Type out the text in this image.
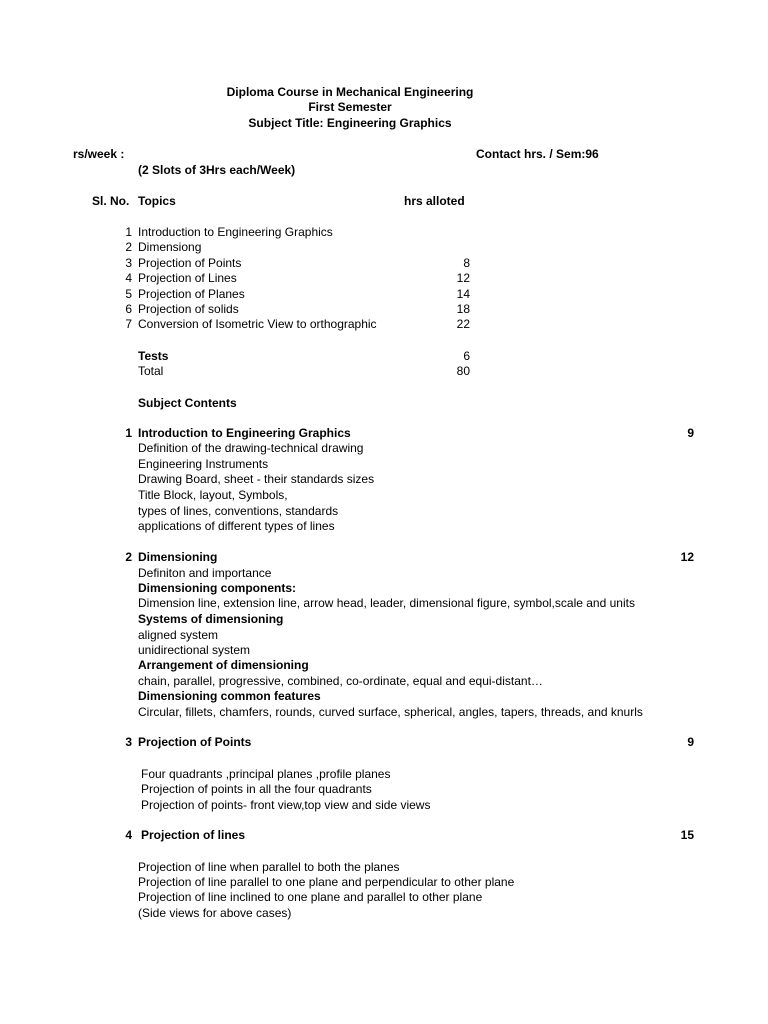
Diploma Course in Mechanical Engineering
First Semester
Subject Title: Engineering Graphics
rs/week :	Contact hrs. / Sem:96
(2 Slots of 3Hrs each/Week)
Sl. No. Topics	hrs alloted
1 Introduction to Engineering Graphics
2 Dimensiong
3 Projection of Points	8
4 Projection of Lines	12
5 Projection of Planes	14
6 Projection of solids	18
7 Conversion of Isometric View to orthographic	22
Tests	6
Total	80
Subject Contents
1 Introduction to Engineering Graphics	9
Definition of the drawing-technical drawing
Engineering Instruments
Drawing Board, sheet - their standards sizes
Title Block, layout, Symbols,
types of lines, conventions, standards
applications of different types of lines
2 Dimensioning	12
Definiton and importance
Dimensioning components:
Dimension line, extension line, arrow head, leader, dimensional figure, symbol,scale and units
Systems of dimensioning
aligned system
unidirectional system
Arrangement of dimensioning
chain, parallel, progressive, combined, co-ordinate, equal and equi-distant…
Dimensioning common features
Circular, fillets, chamfers, rounds, curved surface, spherical, angles, tapers, threads, and knurls
3 Projection of Points	9
Four quadrants ,principal planes ,profile planes
Projection of points in all the four quadrants
Projection of points- front view,top view and side views
4 Projection of lines	15
Projection of line when parallel to both the planes
Projection of line parallel to one plane and perpendicular to other plane
Projection of line inclined to one plane and parallel to other plane
(Side views for above cases)
